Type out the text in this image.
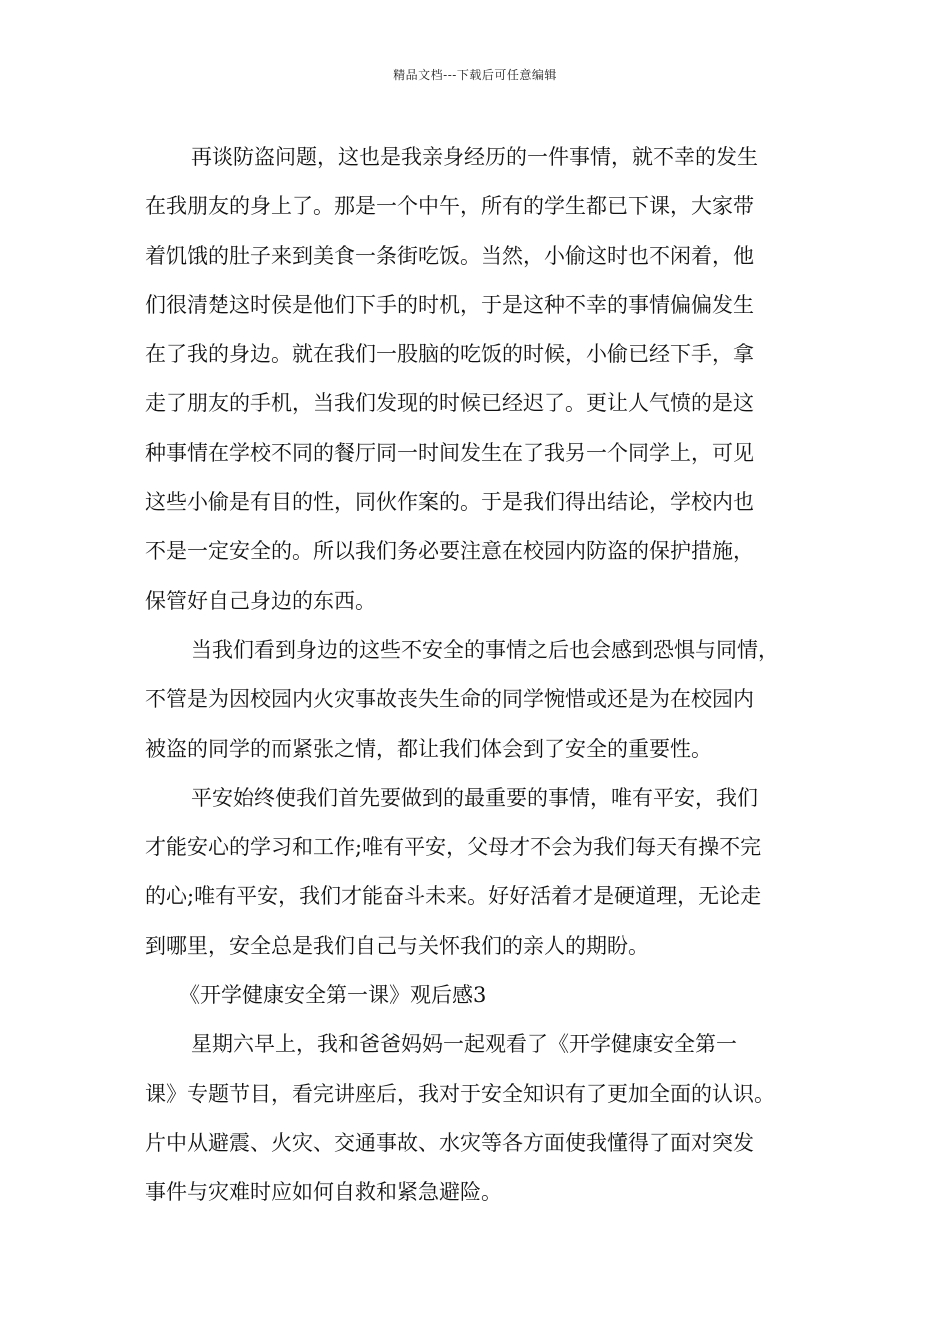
精品文档---下载后可任意编辑
再谈防盗问题，这也是我亲身经历的一件事情，就不幸的发生
在我朋友的身上了。那是一个中午，所有的学生都已下课，大家带
着饥饿的肚子来到美食一条街吃饭。当然，小偷这时也不闲着，他
们很清楚这时侯是他们下手的时机，于是这种不幸的事情偏偏发生
在了我的身边。就在我们一股脑的吃饭的时候，小偷已经下手，拿
走了朋友的手机，当我们发现的时候已经迟了。更让人气愤的是这
种事情在学校不同的餐厅同一时间发生在了我另一个同学上，可见
这些小偷是有目的性，同伙作案的。于是我们得出结论，学校内也
不是一定安全的。所以我们务必要注意在校园内防盗的保护措施，
保管好自己身边的东西。
当我们看到身边的这些不安全的事情之后也会感到恐惧与同情，
不管是为因校园内火灾事故丧失生命的同学惋惜或还是为在校园内
被盗的同学的而紧张之情，都让我们体会到了安全的重要性。
平安始终使我们首先要做到的最重要的事情，唯有平安，我们
才能安心的学习和工作;唯有平安，父母才不会为我们每天有操不完
的心;唯有平安，我们才能奋斗未来。好好活着才是硬道理，无论走
到哪里，安全总是我们自己与关怀我们的亲人的期盼。
《开学健康安全第一课》观后感3
星期六早上，我和爸爸妈妈一起观看了《开学健康安全第一
课》专题节目，看完讲座后，我对于安全知识有了更加全面的认识。
片中从避震、火灾、交通事故、水灾等各方面使我懂得了面对突发
事件与灾难时应如何自救和紧急避险。
